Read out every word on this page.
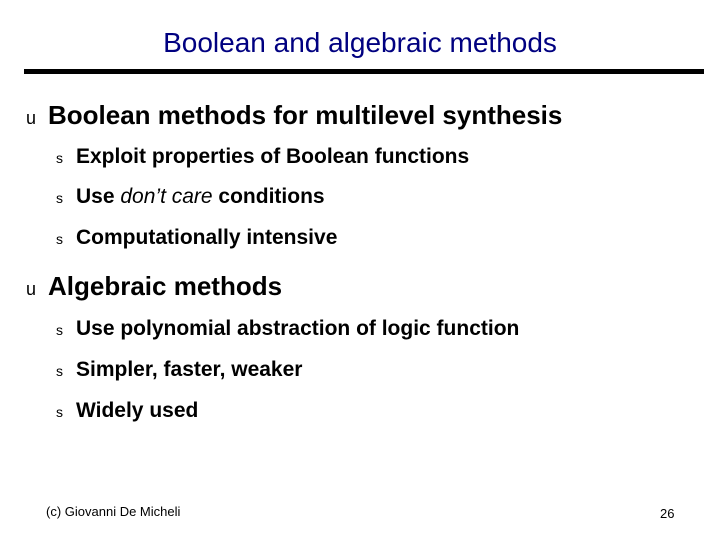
Boolean and algebraic methods
u Boolean methods for multilevel synthesis
s Exploit properties of Boolean functions
s Use don’t care conditions
s Computationally intensive
u Algebraic methods
s Use polynomial abstraction of logic function
s Simpler, faster, weaker
s Widely used
(c) Giovanni De Micheli	26
